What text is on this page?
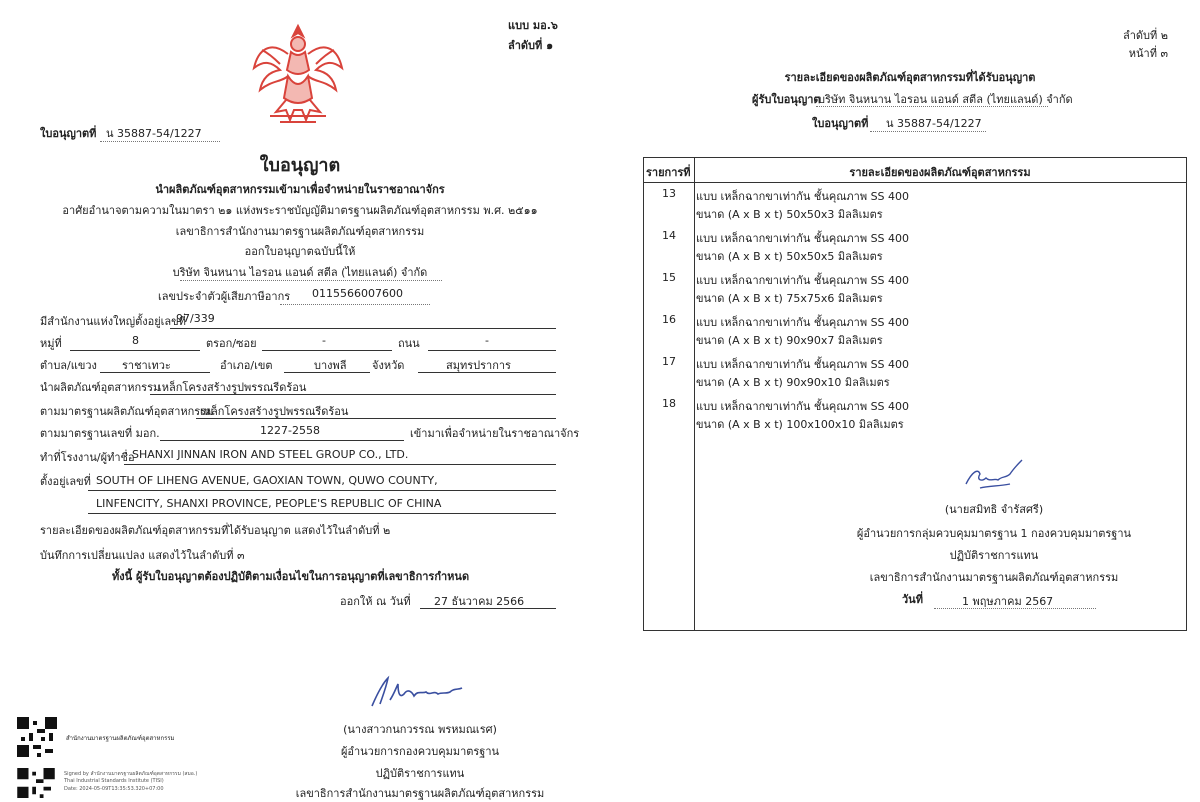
แบบ มอ.๖
ลำดับที่ ๑
ใบอนุญาตที่ น 35887-54/1227
ใบอนุญาต
นำผลิตภัณฑ์อุตสาหกรรมเข้ามาเพื่อจำหน่ายในราชอาณาจักร
อาศัยอำนาจตามความในมาตรา ๒๑ แห่งพระราชบัญญัติมาตรฐานผลิตภัณฑ์อุตสาหกรรม พ.ศ. ๒๕๑๑
เลขาธิการสำนักงานมาตรฐานผลิตภัณฑ์อุตสาหกรรม
ออกใบอนุญาตฉบับนี้ให้
บริษัท จินหนาน ไอรอน แอนด์ สตีล (ไทยแลนด์) จำกัด
เลขประจำตัวผู้เสียภาษีอากร 0115566007600
มีสำนักงานแห่งใหญ่ตั้งอยู่เลขที่
97/339
หมู่ที่	8	ตรอก/ซอย	-	ถนน	-
ตำบล/แขวง ราชาเทวะ	อำเภอ/เขต	บางพลี จังหวัด	สมุทรปราการ
นำผลิตภัณฑ์อุตสาหกรรม
เหล็กโครงสร้างรูปพรรณรีดร้อน
ตามมาตรฐานผลิตภัณฑ์อุตสาหกรรม
เหล็กโครงสร้างรูปพรรณรีดร้อน
ตามมาตรฐานเลขที่ มอก.	1227-2558	เข้ามาเพื่อจำหน่ายในราชอาณาจักร
ทำที่โรงงาน/ผู้ทำชื่อ
SHANXI JINNAN IRON AND STEEL GROUP CO., LTD.
ตั้งอยู่เลขที่ SOUTH OF LIHENG AVENUE, GAOXIAN TOWN, QUWO COUNTY,
LINFENCITY, SHANXI PROVINCE, PEOPLE'S REPUBLIC OF CHINA
รายละเอียดของผลิตภัณฑ์อุตสาหกรรมที่ได้รับอนุญาต แสดงไว้ในลำดับที่ ๒
บันทึกการเปลี่ยนแปลง แสดงไว้ในลำดับที่ ๓
ทั้งนี้ ผู้รับใบอนุญาตต้องปฏิบัติตามเงื่อนไขในการอนุญาตที่เลขาธิการกำหนด
ออกให้ ณ วันที่ 27 ธันวาคม 2566
(นางสาวกนกวรรณ พรหมณเรศ)
ผู้อำนวยการกองควบคุมมาตรฐาน
ปฏิบัติราชการแทน
เลขาธิการสำนักงานมาตรฐานผลิตภัณฑ์อุตสาหกรรม
สำนักงานมาตรฐานผลิตภัณฑ์อุตสาหกรรม
Signed by สำนักงานมาตรฐานผลิตภัณฑ์อุตสาหกรรม (สมอ.)
Thai Industrial Standards Institute (TISI)
Date: 2024-05-09T13:35:53.320+07:00
ลำดับที่ ๒
หน้าที่ ๓
รายละเอียดของผลิตภัณฑ์อุตสาหกรรมที่ได้รับอนุญาต
ผู้รับใบอนุญาต
บริษัท จินหนาน ไอรอน แอนด์ สตีล (ไทยแลนด์) จำกัด
ใบอนุญาตที่ น 35887-54/1227
รายการที่	รายละเอียดของผลิตภัณฑ์อุตสาหกรรม
13	แบบ เหล็กฉากขาเท่ากัน ชั้นคุณภาพ SS 400
ขนาด (A x B x t) 50x50x3 มิลลิเมตร
14	แบบ เหล็กฉากขาเท่ากัน ชั้นคุณภาพ SS 400
ขนาด (A x B x t) 50x50x5 มิลลิเมตร
15	แบบ เหล็กฉากขาเท่ากัน ชั้นคุณภาพ SS 400
ขนาด (A x B x t) 75x75x6 มิลลิเมตร
16	แบบ เหล็กฉากขาเท่ากัน ชั้นคุณภาพ SS 400
ขนาด (A x B x t) 90x90x7 มิลลิเมตร
17	แบบ เหล็กฉากขาเท่ากัน ชั้นคุณภาพ SS 400
ขนาด (A x B x t) 90x90x10 มิลลิเมตร
18	แบบ เหล็กฉากขาเท่ากัน ชั้นคุณภาพ SS 400
ขนาด (A x B x t) 100x100x10 มิลลิเมตร
(นายสมิทธิ จำรัสศรี)
ผู้อำนวยการกลุ่มควบคุมมาตรฐาน 1 กองควบคุมมาตรฐาน
ปฏิบัติราชการแทน
เลขาธิการสำนักงานมาตรฐานผลิตภัณฑ์อุตสาหกรรม
วันที่	1 พฤษภาคม 2567
